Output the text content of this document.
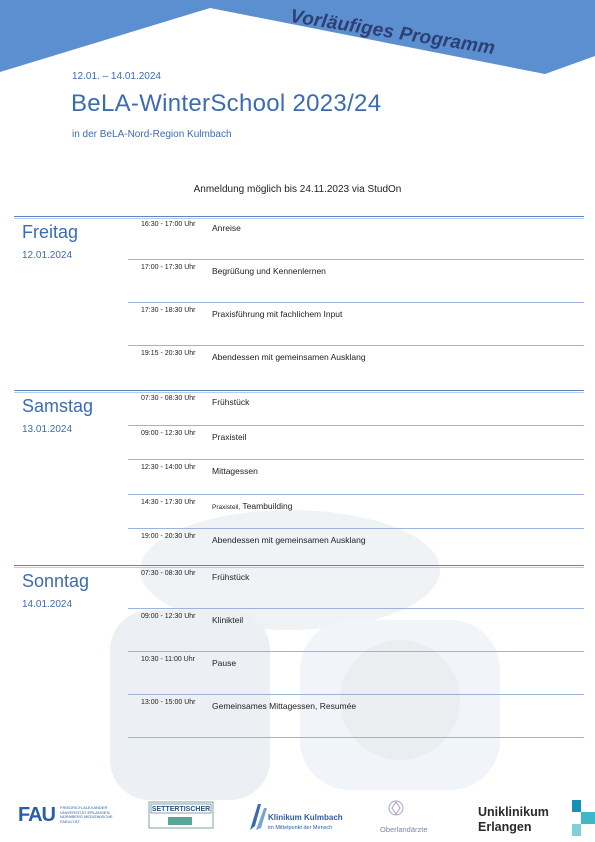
Vorläufiges Programm
12.01. – 14.01.2024
BeLA-WinterSchool 2023/24
in der BeLA-Nord-Region Kulmbach
Anmeldung möglich bis 24.11.2023 via StudOn
Freitag
12.01.2024
16:30 - 17:00 Uhr Anreise
17:00 - 17:30 Uhr Begrüßung und Kennenlernen
17:30 - 18:30 Uhr Praxisführung mit fachlichem Input
19:15 - 20:30 Uhr Abendessen mit gemeinsamen Ausklang
Samstag
13.01.2024
07:30 - 08:30 Uhr Frühstück
09:00 - 12:30 Uhr Praxisteil
12:30 - 14:00 Uhr Mittagessen
14:30 - 17:30 Uhr
Praxisteil, Teambuilding
19:00 - 20:30 Uhr Abendessen mit gemeinsamen Ausklang
Sonntag
14.01.2024
07:30 - 08:30 Uhr Frühstück
09:00 - 12:30 Uhr Klinikteil
10:30 - 11:00 Uhr Pause
13:00 - 15:00 Uhr Gemeinsames Mittagessen, Resumée
FAU FRIEDRICH-ALEXANDER UNIVERSITÄT ERLANGEN-NÜRNBERG MEDIZINISCHE FAKULTÄT
SETTERTISCHER
Klinikum Kulmbach
im Mittelpunkt der Mensch	Oberlandärzte
Uniklinikum
Erlangen
